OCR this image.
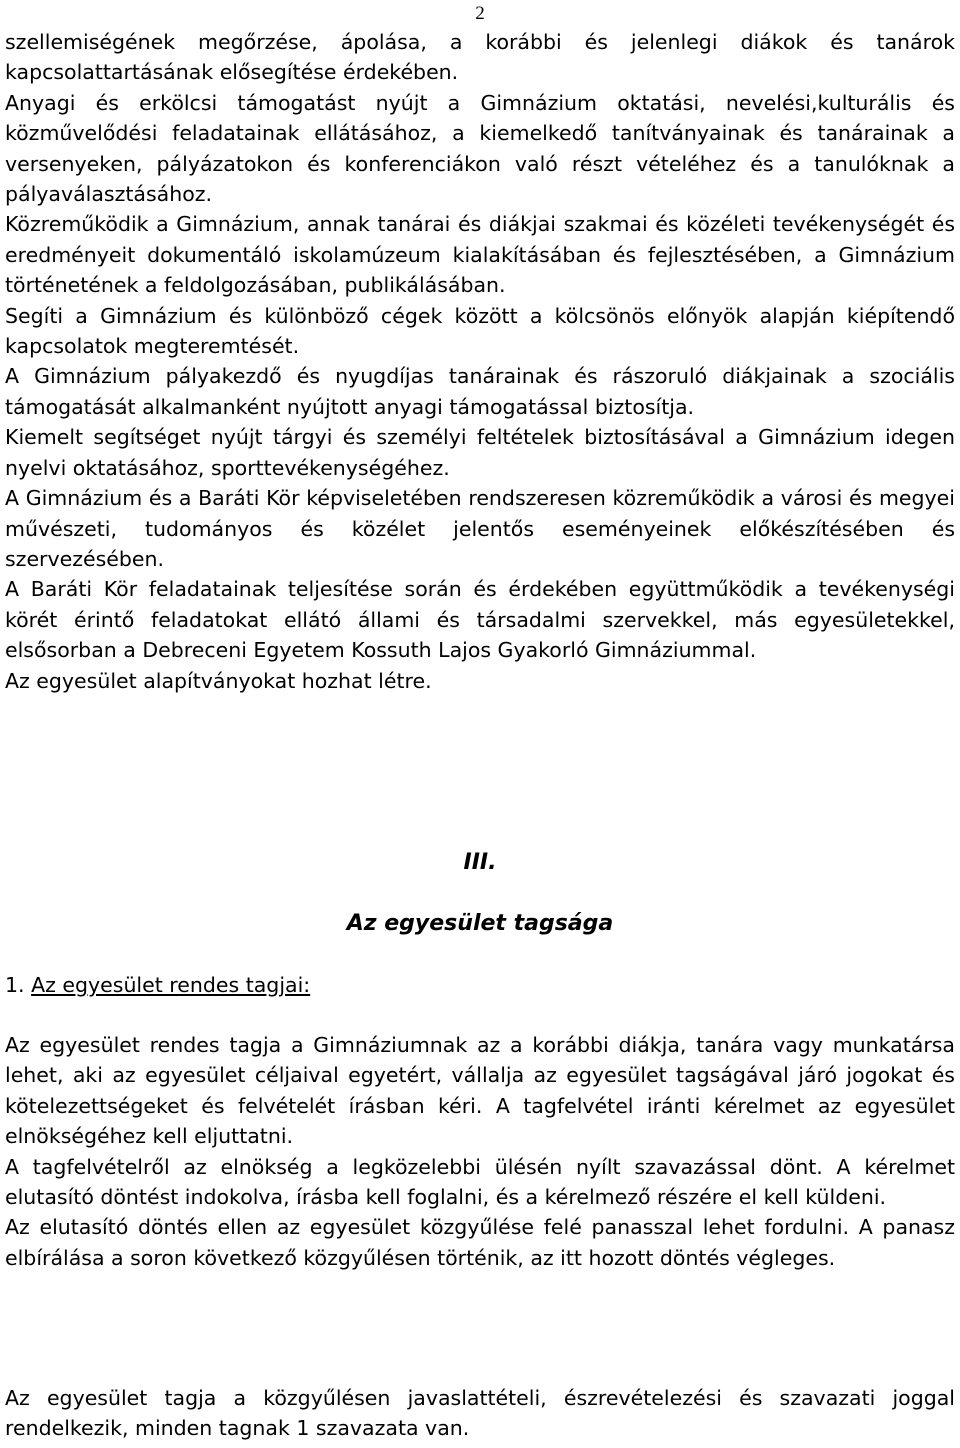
2

szellemiségének megőrzése, ápolása, a korábbi és jelenlegi diákok és tanárok kapcsolattartásának elősegítése érdekében.

Anyagi és erkölcsi támogatást nyújt a Gimnázium oktatási, nevelési,kulturális és közművelődési feladatainak ellátásához, a kiemelkedő tanítványainak és tanárainak a versenyeken, pályázatokon és konferenciákon való részt vételéhez és a tanulóknak a pályaválasztásához.

Közreműködik a Gimnázium, annak tanárai és diákjai szakmai és közéleti tevékenységét és eredményeit dokumentáló iskolamúzeum kialakításában és fejlesztésében, a Gimnázium történetének a feldolgozásában, publikálásában.

Segíti a Gimnázium és különböző cégek között a kölcsönös előnyök alapján kiépítendő kapcsolatok megteremtését.

A Gimnázium pályakezdő és nyugdíjas tanárainak és rászoruló diákjainak a szociális támogatását alkalmanként nyújtott anyagi támogatással biztosítja.

Kiemelt segítséget nyújt tárgyi és személyi feltételek biztosításával a Gimnázium idegen nyelvi oktatásához, sporttevékenységéhez.

A Gimnázium és a Baráti Kör képviseletében rendszeresen közreműködik a városi és megyei művészeti, tudományos és közélet jelentős eseményeinek előkészítésében és szervezésében.

A Baráti Kör feladatainak teljesítése során és érdekében együttműködik a tevékenységi körét érintő feladatokat ellátó állami és társadalmi szervekkel, más egyesületekkel, elsősorban a Debreceni Egyetem Kossuth Lajos Gyakorló Gimnáziummal.

Az egyesület alapítványokat hozhat létre.

III.
Az egyesület tagsága
1. Az egyesület rendes tagjai:

Az egyesület rendes tagja a Gimnáziumnak az a korábbi diákja, tanára vagy munkatársa lehet, aki az egyesület céljaival egyetért, vállalja az egyesület tagságával járó jogokat és kötelezettségeket és felvételét írásban kéri. A tagfelvétel iránti kérelmet az egyesület elnökségéhez kell eljuttatni.

A tagfelvételről az elnökség a legközelebbi ülésén nyílt szavazással dönt. A kérelmet elutasító döntést indokolva, írásba kell foglalni, és a kérelmező részére el kell küldeni.

Az elutasító döntés ellen az egyesület közgyűlése felé panasszal lehet fordulni. A panasz elbírálása a soron következő közgyűlésen történik, az itt hozott döntés végleges.

Az egyesület tagja a közgyűlésen javaslattételi, észrevételezési és szavazati joggal rendelkezik, minden tagnak 1 szavazata van.
